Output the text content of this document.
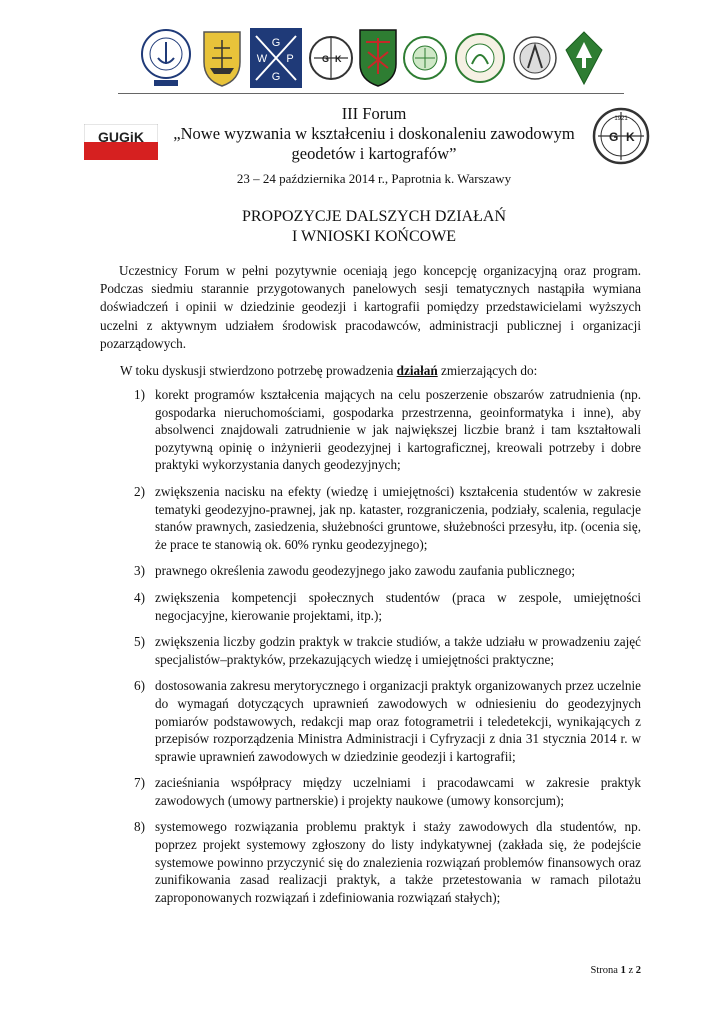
G
W P
G
G K
GUGiK	G K
1921
III Forum
„Nowe wyzwania w kształceniu i doskonaleniu zawodowym
geodetów i kartografów”
23 – 24 października 2014 r., Paprotnia k. Warszawy
PROPOZYCJE DALSZYCH DZIAŁAŃ
I WNIOSKI KOŃCOWE

Uczestnicy Forum w pełni pozytywnie oceniają jego koncepcję organizacyjną oraz program. Podczas siedmiu starannie przygotowanych panelowych sesji tematycznych nastąpiła wymiana doświadczeń i opinii w dziedzinie geodezji i kartografii pomiędzy przedstawicielami wyższych uczelni z aktywnym udziałem środowisk pracodawców, administracji publicznej i organizacji pozarządowych.

W toku dyskusji stwierdzono potrzebę prowadzenia działań zmierzających do:

1) korekt programów kształcenia mających na celu poszerzenie obszarów zatrudnienia (np. gospodarka nieruchomościami, gospodarka przestrzenna, geoinformatyka i inne), aby absolwenci znajdowali zatrudnienie w jak największej liczbie branż i tam kształtowali pozytywną opinię o inżynierii geodezyjnej i kartograficznej, kreowali potrzeby i dobre praktyki wykorzystania danych geodezyjnych;
2) zwiększenia nacisku na efekty (wiedzę i umiejętności) kształcenia studentów w zakresie tematyki geodezyjno-prawnej, jak np. kataster, rozgraniczenia, podziały, scalenia, regulacje stanów prawnych, zasiedzenia, służebności gruntowe, służebności przesyłu, itp. (ocenia się, że prace te stanowią ok. 60% rynku geodezyjnego);
3) prawnego określenia zawodu geodezyjnego jako zawodu zaufania publicznego;
4) zwiększenia kompetencji społecznych studentów (praca w zespole, umiejętności negocjacyjne, kierowanie projektami, itp.);
5) zwiększenia liczby godzin praktyk w trakcie studiów, a także udziału w prowadzeniu zajęć specjalistów–praktyków, przekazujących wiedzę i umiejętności praktyczne;
6) dostosowania zakresu merytorycznego i organizacji praktyk organizowanych przez uczelnie do wymagań dotyczących uprawnień zawodowych w odniesieniu do geodezyjnych pomiarów podstawowych, redakcji map oraz fotogrametrii i teledetekcji, wynikających z przepisów rozporządzenia Ministra Administracji i Cyfryzacji z dnia 31 stycznia 2014 r. w sprawie uprawnień zawodowych w dziedzinie geodezji i kartografii;
7) zacieśniania współpracy między uczelniami i pracodawcami w zakresie praktyk zawodowych (umowy partnerskie) i projekty naukowe (umowy konsorcjum);
8) systemowego rozwiązania problemu praktyk i staży zawodowych dla studentów, np. poprzez projekt systemowy zgłoszony do listy indykatywnej (zakłada się, że podejście systemowe powinno przyczynić się do znalezienia rozwiązań problemów finansowych oraz zunifikowania zasad realizacji praktyk, a także przetestowania w ramach pilotażu zaproponowanych rozwiązań i zdefiniowania rozwiązań stałych);
Strona 1 z 2
